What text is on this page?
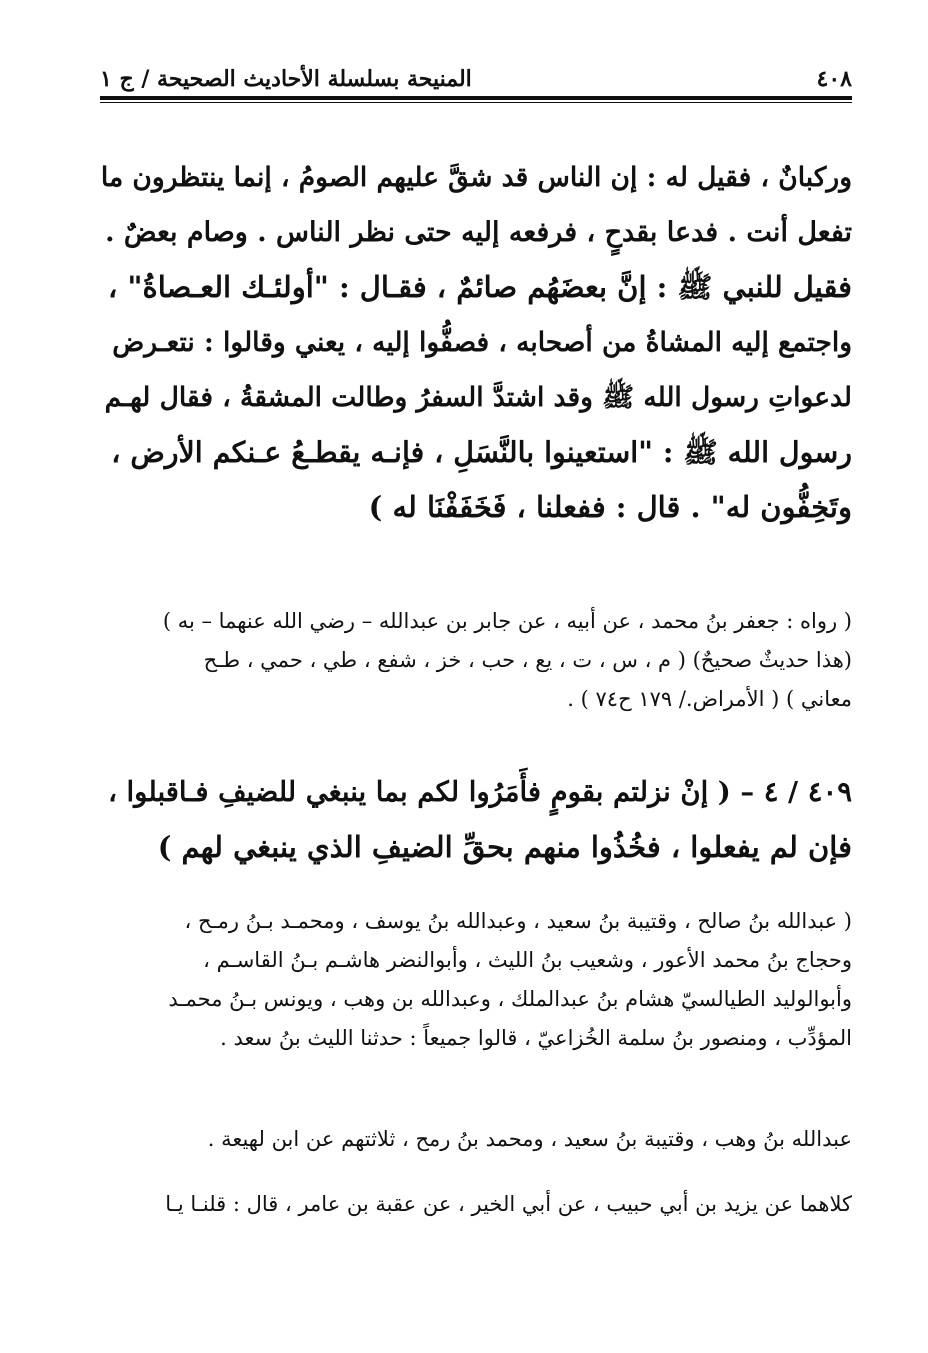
٤٠٨
المنيحة بسلسلة الأحاديث الصحيحة / ج ١
وركبانٌ ، فقيل له : إن الناس قد شقَّ عليهم الصومُ ، إنما ينتظرون ما
تفعل أنت . فدعا بقدحٍ ، فرفعه إليه حتى نظر الناس . وصام بعضٌ .
فقيل للنبي ﷺ : إنَّ بعضَهُم صائمٌ ، فقـال : "أولئـك العـصاةُ" ،
واجتمع إليه المشاةُ من أصحابه ، فصفُّوا إليه ، يعني وقالوا : نتعـرض
لدعواتِ رسول الله ﷺ وقد اشتدَّ السفرُ وطالت المشقةُ ، فقال لهـم
رسول الله ﷺ : "استعينوا بالنَّسَلِ ، فإنـه يقطـعُ عـنكم الأرض ،
وتَخِفُّون له" . قال : ففعلنا ، فَخَفَفْنَا له )
( رواه : جعفر بنُ محمد ، عن أبيه ، عن جابر بن عبدالله – رضي الله عنهما – به )
(هذا حديثٌ صحيحٌ) ( م ، س ، ت ، يع ، حب ، خز ، شفع ، طي ، حمي ، طـح
معاني ) ( الأمراض./ ١٧٩ ح٧٤ ) .
٤٠٩ / ٤ – ( إنْ نزلتم بقومٍ فأَمَرُوا لكم بما ينبغي للضيفِ فـاقبلوا ،
فإن لم يفعلوا ، فخُذُوا منهم بحقِّ الضيفِ الذي ينبغي لهم )
( عبدالله بنُ صالح ، وقتيبة بنُ سعيد ، وعبدالله بنُ يوسف ، ومحمـد بـنُ رمـح ،
وحجاج بنُ محمد الأعور ، وشعيب بنُ الليث ، وأبوالنضر هاشـم بـنُ القاسـم ،
وأبوالوليد الطيالسيّ هشام بنُ عبدالملك ، وعبدالله بن وهب ، ويونس بـنُ محمـد
المؤدِّب ، ومنصور بنُ سلمة الخُزاعيّ ، قالوا جميعاً : حدثنا الليث بنُ سعد .
عبدالله بنُ وهب ، وقتيبة بنُ سعيد ، ومحمد بنُ رمح ، ثلاثتهم عن ابن لهيعة .
كلاهما عن يزيد بن أبي حبيب ، عن أبي الخير ، عن عقبة بن عامر ، قال : قلنـا يـا
